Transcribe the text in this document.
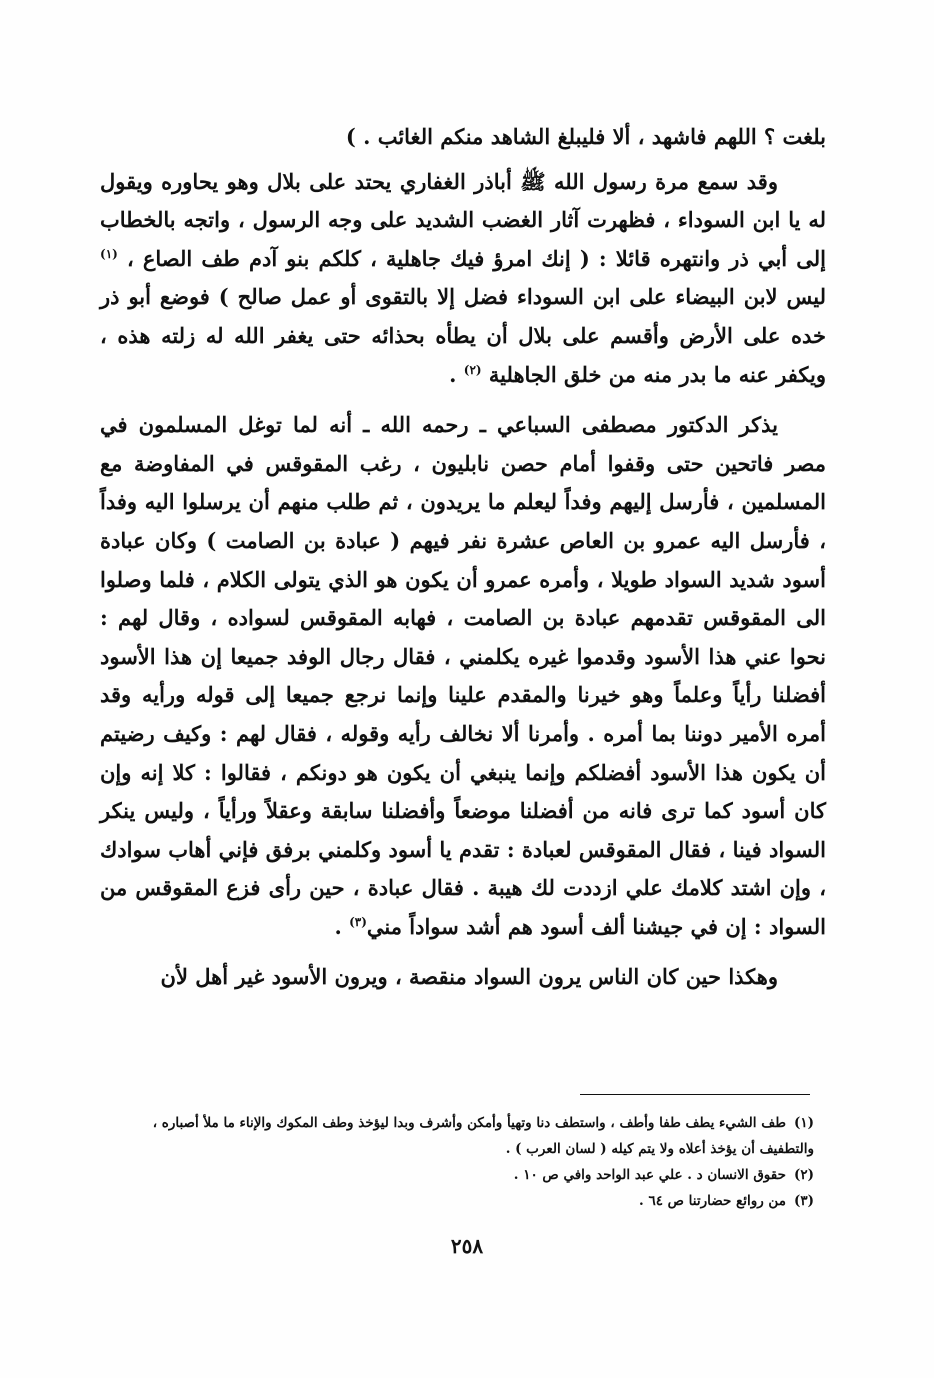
بلغت ؟ اللهم فاشهد ، ألا فليبلغ الشاهد منكم الغائب . )

وقد سمع مرة رسول الله ﷺ أباذر الغفاري يحتد على بلال وهو يحاوره ويقول له يا ابن السوداء ، فظهرت آثار الغضب الشديد على وجه الرسول ، واتجه بالخطاب إلى أبي ذر وانتهره قائلا : ( إنك امرؤ فيك جاهلية ، كلكم بنو آدم طف الصاع ، $^{(١)}$ ليس لابن البيضاء على ابن السوداء فضل إلا بالتقوى أو عمل صالح ) فوضع أبو ذر خده على الأرض وأقسم على بلال أن يطأه بحذائه حتى يغفر الله له زلته هذه ، ويكفر عنه ما بدر منه من خلق الجاهلية $^{(٢)}$ .

يذكر الدكتور مصطفى السباعي ـ رحمه الله ـ أنه لما توغل المسلمون في مصر فاتحين حتى وقفوا أمام حصن نابليون ، رغب المقوقس في المفاوضة مع المسلمين ، فأرسل إليهم وفداً ليعلم ما يريدون ، ثم طلب منهم أن يرسلوا اليه وفداً ، فأرسل اليه عمرو بن العاص عشرة نفر فيهم ( عبادة بن الصامت ) وكان عبادة أسود شديد السواد طويلا ، وأمره عمرو أن يكون هو الذي يتولى الكلام ، فلما وصلوا الى المقوقس تقدمهم عبادة بن الصامت ، فهابه المقوقس لسواده ، وقال لهم : نحوا عني هذا الأسود وقدموا غيره يكلمني ، فقال رجال الوفد جميعا إن هذا الأسود أفضلنا رأياً وعلماً وهو خيرنا والمقدم علينا وإنما نرجع جميعا إلى قوله ورأيه وقد أمره الأمير دوننا بما أمره . وأمرنا ألا نخالف رأيه وقوله ، فقال لهم : وكيف رضيتم أن يكون هذا الأسود أفضلكم وإنما ينبغي أن يكون هو دونكم ، فقالوا : كلا إنه وإن كان أسود كما ترى فانه من أفضلنا موضعاً وأفضلنا سابقة وعقلاً ورأياً ، وليس ينكر السواد فينا ، فقال المقوقس لعبادة : تقدم يا أسود وكلمني برفق فإني أهاب سوادك ، وإن اشتد كلامك علي ازددت لك هيبة . فقال عبادة ، حين رأى فزع المقوقس من السواد : إن في جيشنا ألف أسود هم أشد سواداً مني$^{(٣)}$ .

وهكذا حين كان الناس يرون السواد منقصة ، ويرون الأسود غير أهل لأن

(١)طف الشيء يطف طفا وأطف ، واستطف دنا وتهيأ وأمكن وأشرف وبدا ليؤخذ وطف المكوك والإناء ما ملأ أصباره ، والتطفيف أن يؤخذ أعلاه ولا يتم كيله ( لسان العرب ) .

(٢)حقوق الانسان د . علي عبد الواحد وافي ص ١٠ .

(٣)من روائع حضارتنا ص ٦٤ .

٢٥٨
